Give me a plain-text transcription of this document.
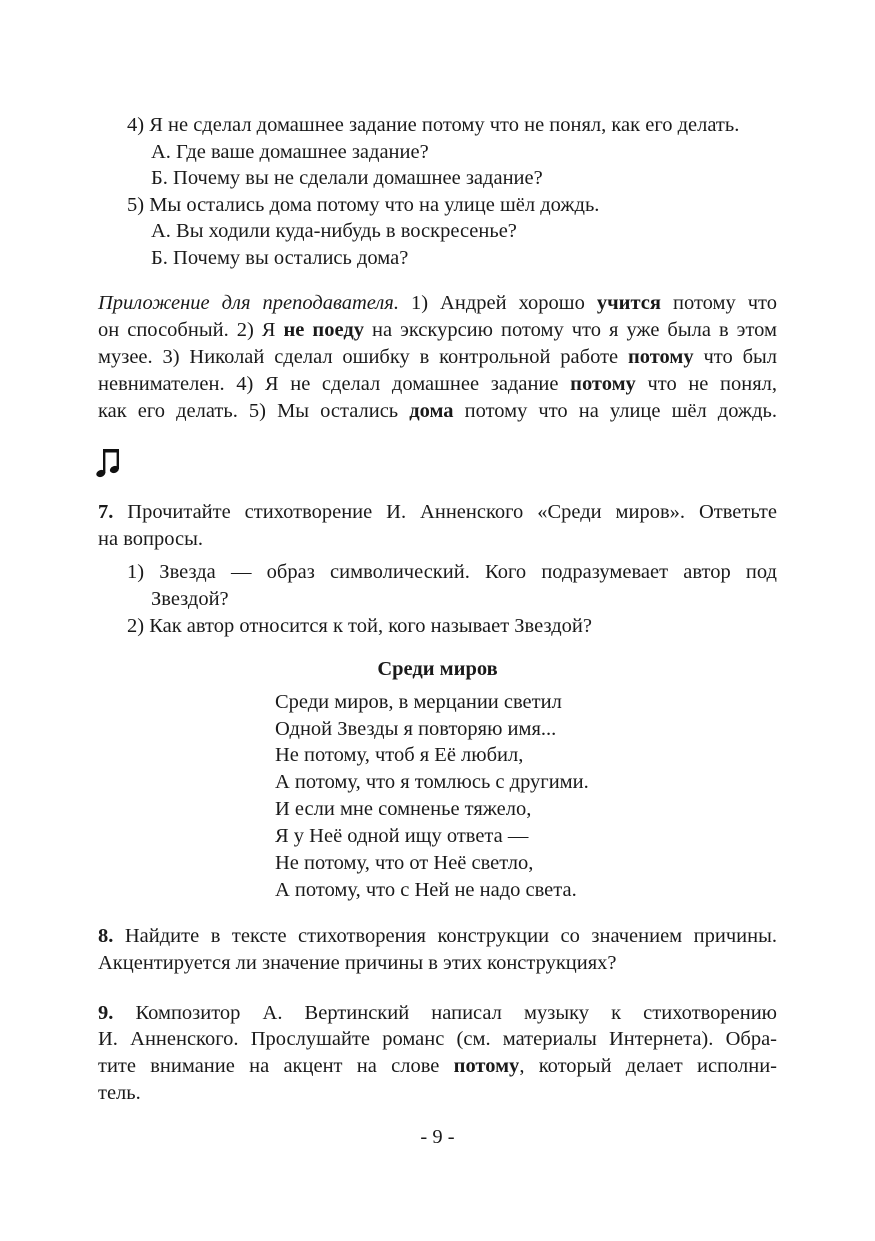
4) Я не сделал домашнее задание потому что не понял, как его делать.
А. Где ваше домашнее задание?
Б. Почему вы не сделали домашнее задание?
5) Мы остались дома потому что на улице шёл дождь.
А. Вы ходили куда-нибудь в воскресенье?
Б. Почему вы остались дома?
Приложение для преподавателя. 1) Андрей хорошо учится потому что
он способный. 2) Я не поеду на экскурсию потому что я уже была в этом
музее. 3) Николай сделал ошибку в контрольной работе потому что был
невнимателен. 4) Я не сделал домашнее задание потому что не понял,
как его делать. 5) Мы остались дома потому что на улице шёл дождь.
7. Прочитайте стихотворение И. Анненского «Среди миров». Ответьте
на вопросы.
1) Звезда — образ символический. Кого подразумевает автор под
Звездой?
2) Как автор относится к той, кого называет Звездой?
Среди миров
Среди миров, в мерцании светил
Одной Звезды я повторяю имя...
Не потому, чтоб я Её любил,
А потому, что я томлюсь с другими.
И если мне сомненье тяжело,
Я у Неё одной ищу ответа —
Не потому, что от Неё светло,
А потому, что с Ней не надо света.
8. Найдите в тексте стихотворения конструкции со значением причины.
Акцентируется ли значение причины в этих конструкциях?
9. Композитор А. Вертинский написал музыку к стихотворению
И. Анненского. Прослушайте романс (см. материалы Интернета). Обра-
тите внимание на акцент на слове потому, который делает исполни-
тель.
- 9 -
